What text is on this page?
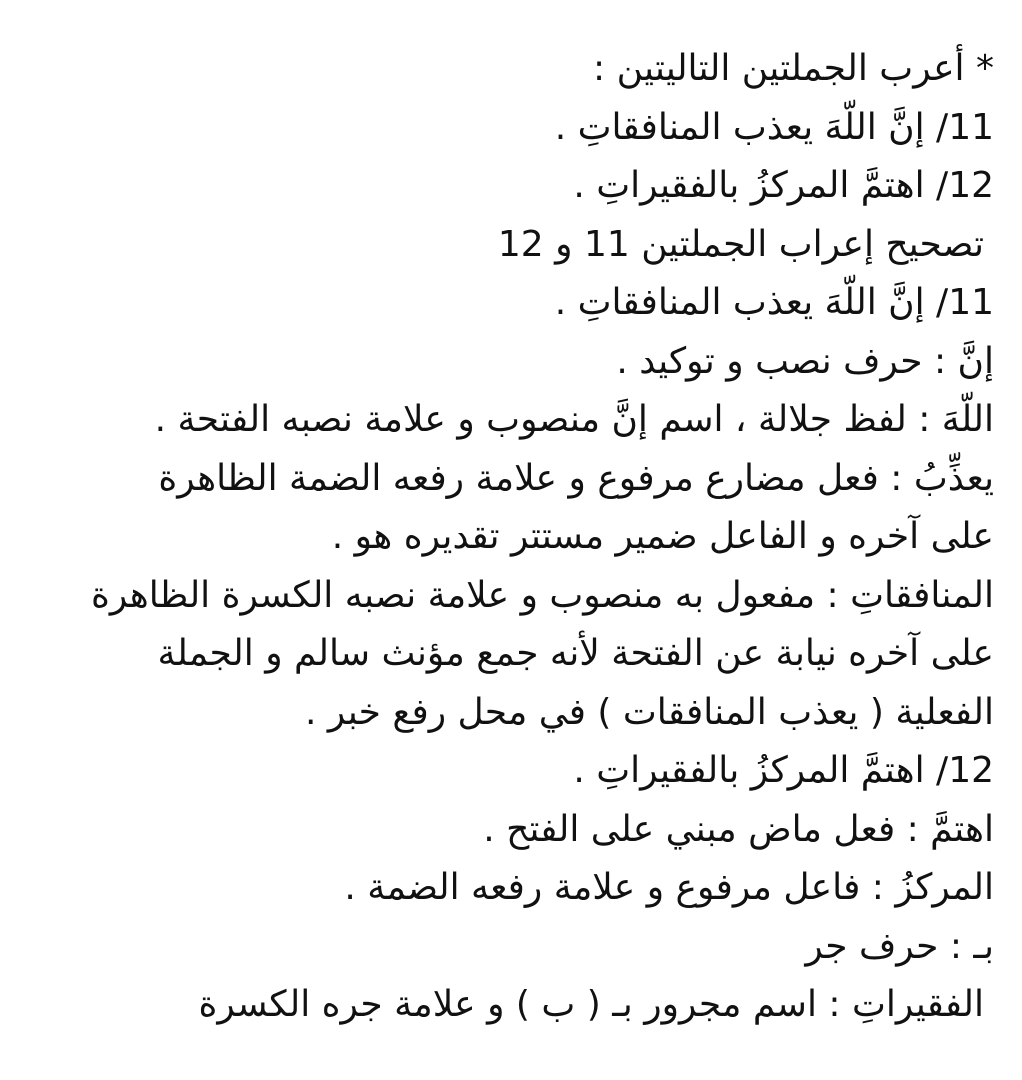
* أعرب الجملتين التاليتين :
11/ إنَّ اللّهَ يعذب المنافقاتِ .
12/ اهتمَّ المركزُ بالفقيراتِ .
تصحيح إعراب الجملتين 11 و 12
11/ إنَّ اللّهَ يعذب المنافقاتِ .
إنَّ : حرف نصب و توكيد .
اللّهَ : لفظ جلالة ، اسم إنَّ منصوب و علامة نصبه الفتحة .
يعذِّبُ : فعل مضارع مرفوع و علامة رفعه الضمة الظاهرة
على آخره و الفاعل ضمير مستتر تقديره هو .
المنافقاتِ : مفعول به منصوب و علامة نصبه الكسرة الظاهرة
على آخره نيابة عن الفتحة لأنه جمع مؤنث سالم و الجملة
الفعلية ( يعذب المنافقات ) في محل رفع خبر .
12/ اهتمَّ المركزُ بالفقيراتِ .
اهتمَّ : فعل ماض مبني على الفتح .
المركزُ : فاعل مرفوع و علامة رفعه الضمة .
بـ : حرف جر
الفقيراتِ : اسم مجرور بـ ( ب ) و علامة جره الكسرة
